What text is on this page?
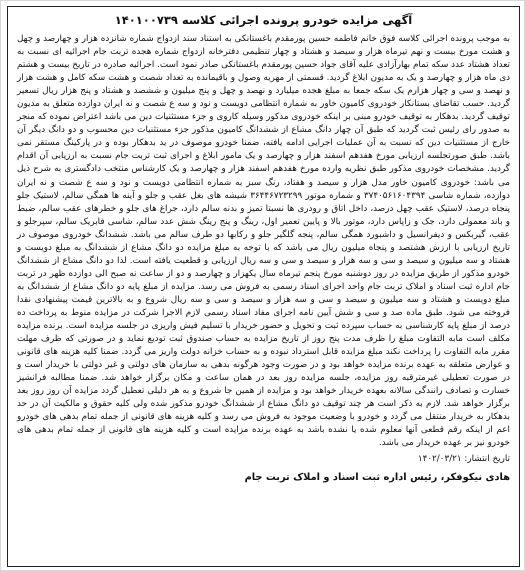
آگهی مزایده خودرو پرونده اجرائی کلاسه ۱۴۰۱۰۰۷۳۹

به موجب پرونده اجرائی کلاسه فوق خانم فاطمه حسین پورمقدم باغستانکی به استناد سند ازدواج شماره شانزده هزار و چهارصد و چهل و هشت مورخ بیست و نهم تیرماه هزار و سیصد و هشتاد و چهار تنظیمی دفترخانه ازدواج شماره هجده تربت جام اجرائیه ای نسبت به تعداد هشتاد عدد سکه تمام بهارآزادی علیه آقای جواد حسین پورمقدم باغستانکی صادر نمود است. اجرائیه صادره در تاریخ بیست و هشتم دی ماه هزار و چهارصد و یک به مدیون ابلاغ گردید. قسمتی از مهریه وصول و باقیمانده به تعداد شصت و هشت سکه کامل و هشت هزار و نهصد و سی و چهار هزارم یک سکه جمعا به مبلغ هجده میلیارد و نهصد و چهل و پنج میلیون و ششصد و هشتاد و پنج هزار ریال تسعیر گردید. حسب تقاضای بستانکار خودروی کامیون خاور به شماره انتظامی دویست و نود و سه ع شصت و نه ایران دوازده متعلق به مدیون توقیف گردید. بدهکار به توقیف خودرو مبنی بر اینکه خودروی مذکور وسیله کاروی و جزء مستثنیات دین می باشد اعتراض نموده که منجر به صدور رای رئیس ثبت گردید که طبق آن چهار دانگ مشاع از ششدانگ کامیون مذکور جزء مستثنیات دین محسوب و دو دانگ دیگر آن خارج از مستثنیات دین که نسبت به آن عملیات اجرایی ادامه یافته، ضمنا خودرو موصوف در ید بدهکار بوده و در پارکینگ مستقر نمی باشد. طبق صورتجلسه ارزیابی مورخ هفدهم اسفند هزار و چهارصد و یک مامور ابلاغ و اجرای ثبت تربت جام نسبت به ارزیابی آن اقدام گردید. مشخصات خودروی مذکور طبق نظریه وارده مورخ هفدهم اسفند هزار و چهارصد و یک کارشناس منتخب دادگستری به شرح ذیل می باشد: خودروی کامیون خاور مدل هزار و سیصد و هفتاد، رنگ سبز به شماره انتظامی دویست و نود و سه ع شصت و نه ایران دوازده، شماره شاسی ۳۷۴۰۵۶۱۶۰۴۳۹۴ و شماره موتور ۳۶۴۴۶۷۲۳۲۹۹ شیشه های بغل عقب و جلو و آینه ها همگی سالم، لاستیک جلو پنجاه درصد، لاستیک عقب چهل درصد، داخل اتاق و رودری ها نسبتا تمیز و بدنه سالم دارد، جراغ های جلو و خطرهای عقب سالم، ضبط و باند معمولی دارد، جک و زاپاس دارد، موتور بالا و پایین تعمیر اول، رینگ و پنج رینگ شش عدد سالم، شاسی فابریک سالم، سپرجلو و عقب، گیربکس و دیفرانسیل و داشبورد همگی سالم، پنجه گلگیر جلو و رکابها دو طرف سالم می باشد. ششدانگ خودروی موصوف در تاریخ ارزیابی با ارزش هشتصد و پنجاه میلیون ریال می باشد که با توجه به مبلغ مزایده دو دانگ مشاع از ششدانگ به مبلغ دویست و هشتاد و سه میلیون و سیصد و سی و سه هزار و سیصد و سی و سه ریال ارزیابی و قطعیت یافته است. لذا دو دانگ مشاع از ششدانگ خودرو مذکور از طریق مزایده در روز دوشنبه مورخ پنجم تیرماه سال یکهزار و چهارصد و دو از ساعت نه صبح الی دوازده ظهر در تربت جام اداره ثبت اسناد و املاک تربت جام واحد اجرای اسناد رسمی به فروش می رسد. مزایده از مبلغ پایه دو دانگ مشاع از ششدانگ به مبلغ دویست و هشتاد و سه میلیون و سیصد و سی و سه هزار و سیصد و سی و سه ریال شروع و به بالاترین قیمت پیشنهادی نقدا فروخته می شود. طبق ماده صد و سی و شش آیین نامه اجرای مفاد اسناد رسمی لازم الاجرا شرکت در مزایده منوط به پرداخت ده درصد از مبلغ پایه کارشناسی به حساب سپرده ثبت و تحویل و حضور خریدار با تسلیم فیش واریزی در جلسه مزایده است. برنده مزایده مکلف است مابه التفاوت مبلغ را ظرف مدت پنج روز از تاریخ مزایده به حساب صندوق ثبت تودیع نماید و در صورتی که ظرف مهلت مقرر مابه التفاوت را پرداخت نکند مبلغ مزایده قابل استرداد نبوده و به حساب خزانه دولت واریز می گردد. ضمنا کلیه هزینه های قانونی و عوارض متعلقه به عهده برنده مزایده خواهد بود و در صورت وجود هرگونه بدهی به سازمان های دولتی و غیر دولتی با خریدار است و در صورت تعطیلی غیرمترقبه روز مزایده، جلسه مزایده روز بعد در همان ساعت و مکان برگزار خواهد شد. ضمنا مطالبه فرانشیز خسارت و تصادف رانندگی سالانه بعهده خریدار خواهد بود و مزایده از همین جا شروع و به هر دلیلی تعطیل گردد مزایده آن روز روز بعد برگزار خواهد شد. لازم به ذکر است هر چند توقیف دو دانگ مشاع از ششدانگ خودرو مذکور شده ولی کلیه حقوق و مالکیت آن در حد بدهکار به خریدار منتقل می گردد و خودرو با وضعیت موجود به فروش می رسد و کلیه هزینه های قانونی از جمله تمام بدهی های خودرو اعم از اینکه رقم قطعی آنها معلوم شده یا نشده باشد به عهده برنده مزایده است و کلیه هزینه های قانونی از جمله تمام بدهی های خودرو نیز بر عهده خریدار می باشد.

تاریخ انتشار: ۱۴۰۲/۰۳/۲۱
هادی نیکوفکر، رئیس اداره ثبت اسناد و املاک تربت جام
